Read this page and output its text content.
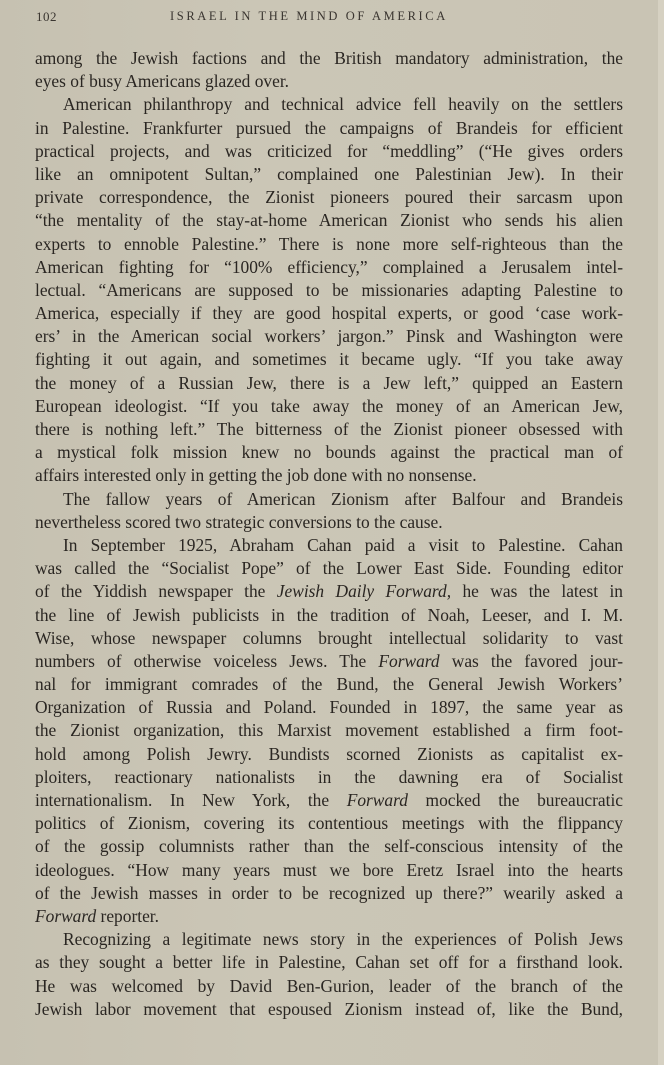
102	ISRAEL IN THE MIND OF AMERICA
among the Jewish factions and the British mandatory administration, the
eyes of busy Americans glazed over.
American philanthropy and technical advice fell heavily on the settlers
in Palestine. Frankfurter pursued the campaigns of Brandeis for efficient
practical projects, and was criticized for “meddling” (“He gives orders
like an omnipotent Sultan,” complained one Palestinian Jew). In their
private correspondence, the Zionist pioneers poured their sarcasm upon
“the mentality of the stay-at-home American Zionist who sends his alien
experts to ennoble Palestine.” There is none more self-righteous than the
American fighting for “100% efficiency,” complained a Jerusalem intel-
lectual. “Americans are supposed to be missionaries adapting Palestine to
America, especially if they are good hospital experts, or good ‘case work-
ers’ in the American social workers’ jargon.” Pinsk and Washington were
fighting it out again, and sometimes it became ugly. “If you take away
the money of a Russian Jew, there is a Jew left,” quipped an Eastern
European ideologist. “If you take away the money of an American Jew,
there is nothing left.” The bitterness of the Zionist pioneer obsessed with
a mystical folk mission knew no bounds against the practical man of
affairs interested only in getting the job done with no nonsense.
The fallow years of American Zionism after Balfour and Brandeis
nevertheless scored two strategic conversions to the cause.
In September 1925, Abraham Cahan paid a visit to Palestine. Cahan
was called the “Socialist Pope” of the Lower East Side. Founding editor
of the Yiddish newspaper the Jewish Daily Forward, he was the latest in
the line of Jewish publicists in the tradition of Noah, Leeser, and I. M.
Wise, whose newspaper columns brought intellectual solidarity to vast
numbers of otherwise voiceless Jews. The Forward was the favored jour-
nal for immigrant comrades of the Bund, the General Jewish Workers’
Organization of Russia and Poland. Founded in 1897, the same year as
the Zionist organization, this Marxist movement established a firm foot-
hold among Polish Jewry. Bundists scorned Zionists as capitalist ex-
ploiters, reactionary nationalists in the dawning era of Socialist
internationalism. In New York, the Forward mocked the bureaucratic
politics of Zionism, covering its contentious meetings with the flippancy
of the gossip columnists rather than the self-conscious intensity of the
ideologues. “How many years must we bore Eretz Israel into the hearts
of the Jewish masses in order to be recognized up there?” wearily asked a
Forward reporter.
Recognizing a legitimate news story in the experiences of Polish Jews
as they sought a better life in Palestine, Cahan set off for a firsthand look.
He was welcomed by David Ben-Gurion, leader of the branch of the
Jewish labor movement that espoused Zionism instead of, like the Bund,
